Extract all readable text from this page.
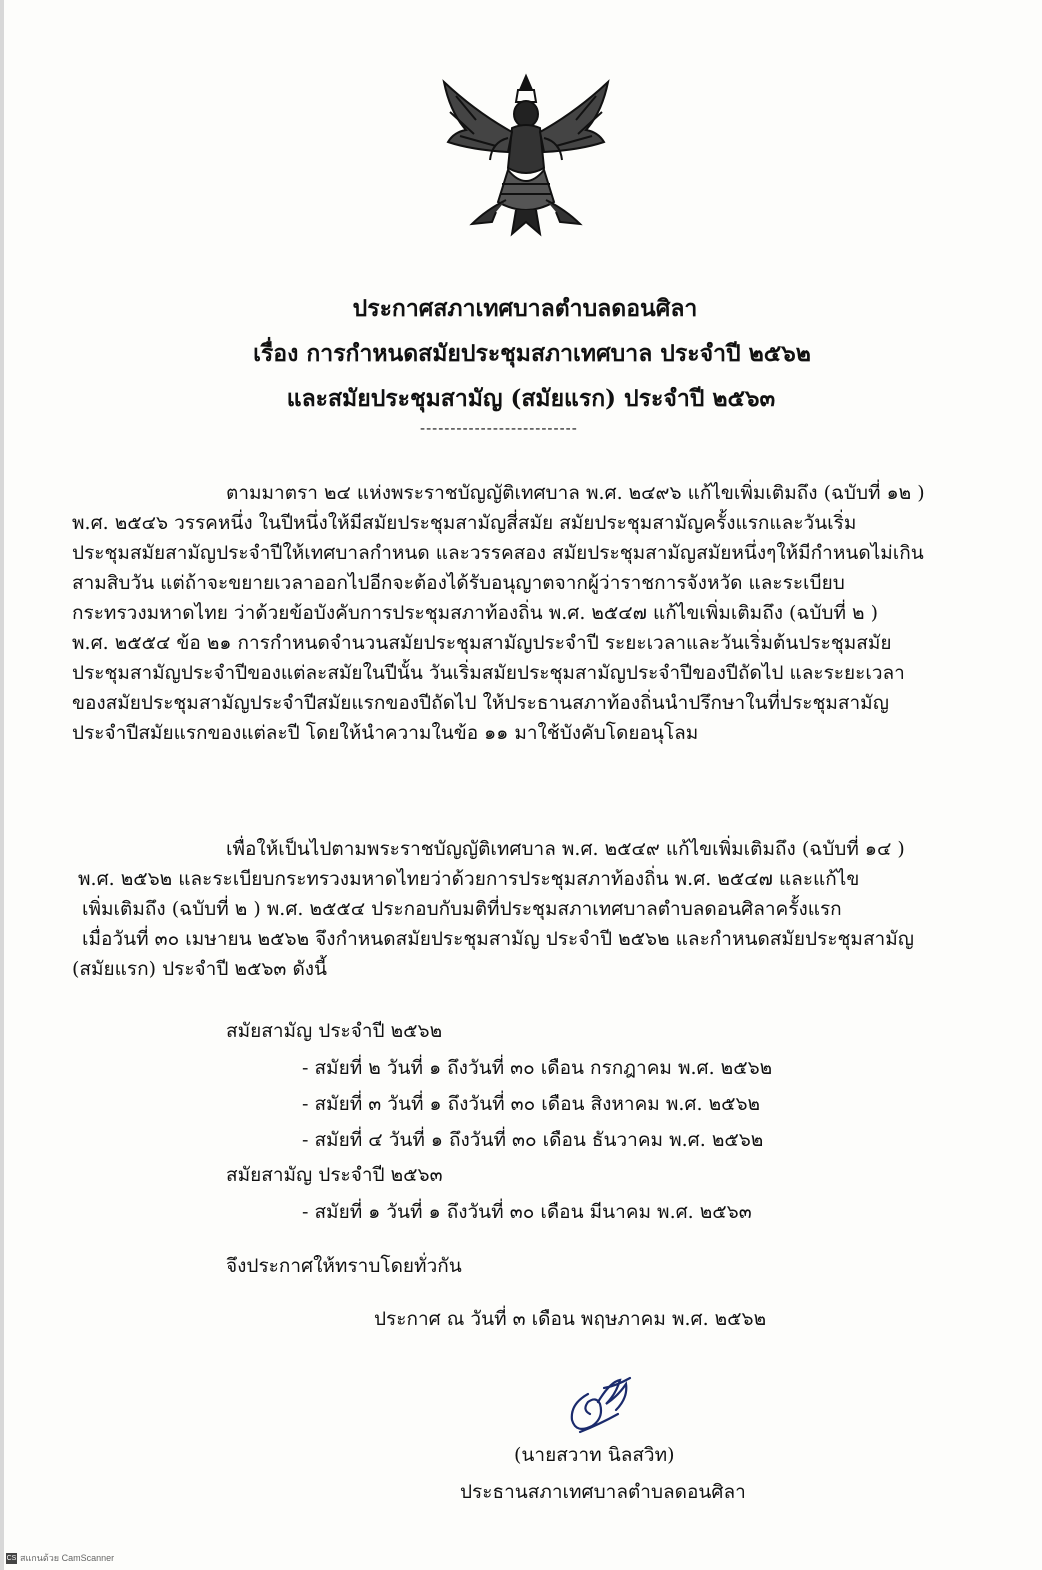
ประกาศสภาเทศบาลตำบลดอนศิลา
เรื่อง การกำหนดสมัยประชุมสภาเทศบาล ประจำปี ๒๕๖๒
และสมัยประชุมสามัญ (สมัยแรก) ประจำปี ๒๕๖๓
--------------------------
ตามมาตรา ๒๔ แห่งพระราชบัญญัติเทศบาล พ.ศ. ๒๔๙๖ แก้ไขเพิ่มเติมถึง (ฉบับที่ ๑๒ )
พ.ศ. ๒๕๔๖ วรรคหนึ่ง ในปีหนึ่งให้มีสมัยประชุมสามัญสี่สมัย สมัยประชุมสามัญครั้งแรกและวันเริ่ม
ประชุมสมัยสามัญประจำปีให้เทศบาลกำหนด และวรรคสอง สมัยประชุมสามัญสมัยหนึ่งๆให้มีกำหนดไม่เกิน
สามสิบวัน แต่ถ้าจะขยายเวลาออกไปอีกจะต้องได้รับอนุญาตจากผู้ว่าราชการจังหวัด และระเบียบ
กระทรวงมหาดไทย ว่าด้วยข้อบังคับการประชุมสภาท้องถิ่น พ.ศ. ๒๕๔๗ แก้ไขเพิ่มเติมถึง (ฉบับที่ ๒ )
พ.ศ. ๒๕๕๔ ข้อ ๒๑ การกำหนดจำนวนสมัยประชุมสามัญประจำปี ระยะเวลาและวันเริ่มต้นประชุมสมัย
ประชุมสามัญประจำปีของแต่ละสมัยในปีนั้น วันเริ่มสมัยประชุมสามัญประจำปีของปีถัดไป และระยะเวลา
ของสมัยประชุมสามัญประจำปีสมัยแรกของปีถัดไป ให้ประธานสภาท้องถิ่นนำปรึกษาในที่ประชุมสามัญ
ประจำปีสมัยแรกของแต่ละปี โดยให้นำความในข้อ ๑๑ มาใช้บังคับโดยอนุโลม
เพื่อให้เป็นไปตามพระราชบัญญัติเทศบาล พ.ศ. ๒๕๔๙ แก้ไขเพิ่มเติมถึง (ฉบับที่ ๑๔ )
พ.ศ. ๒๕๖๒ และระเบียบกระทรวงมหาดไทยว่าด้วยการประชุมสภาท้องถิ่น พ.ศ. ๒๕๔๗ และแก้ไข
เพิ่มเติมถึง (ฉบับที่ ๒ ) พ.ศ. ๒๕๕๔ ประกอบกับมติที่ประชุมสภาเทศบาลตำบลดอนศิลาครั้งแรก
เมื่อวันที่ ๓๐ เมษายน ๒๕๖๒ จึงกำหนดสมัยประชุมสามัญ ประจำปี ๒๕๖๒ และกำหนดสมัยประชุมสามัญ
(สมัยแรก) ประจำปี ๒๕๖๓ ดังนี้
สมัยสามัญ ประจำปี ๒๕๖๒
- สมัยที่ ๒ วันที่ ๑ ถึงวันที่ ๓๐ เดือน กรกฎาคม พ.ศ. ๒๕๖๒
- สมัยที่ ๓ วันที่ ๑ ถึงวันที่ ๓๐ เดือน สิงหาคม พ.ศ. ๒๕๖๒
- สมัยที่ ๔ วันที่ ๑ ถึงวันที่ ๓๐ เดือน ธันวาคม พ.ศ. ๒๕๖๒
สมัยสามัญ ประจำปี ๒๕๖๓
- สมัยที่ ๑ วันที่ ๑ ถึงวันที่ ๓๐ เดือน มีนาคม พ.ศ. ๒๕๖๓
จึงประกาศให้ทราบโดยทั่วกัน
ประกาศ ณ วันที่ ๓ เดือน พฤษภาคม พ.ศ. ๒๕๖๒
(นายสวาท นิลสวิท)
ประธานสภาเทศบาลตำบลดอนศิลา
CS สแกนด้วย CamScanner
